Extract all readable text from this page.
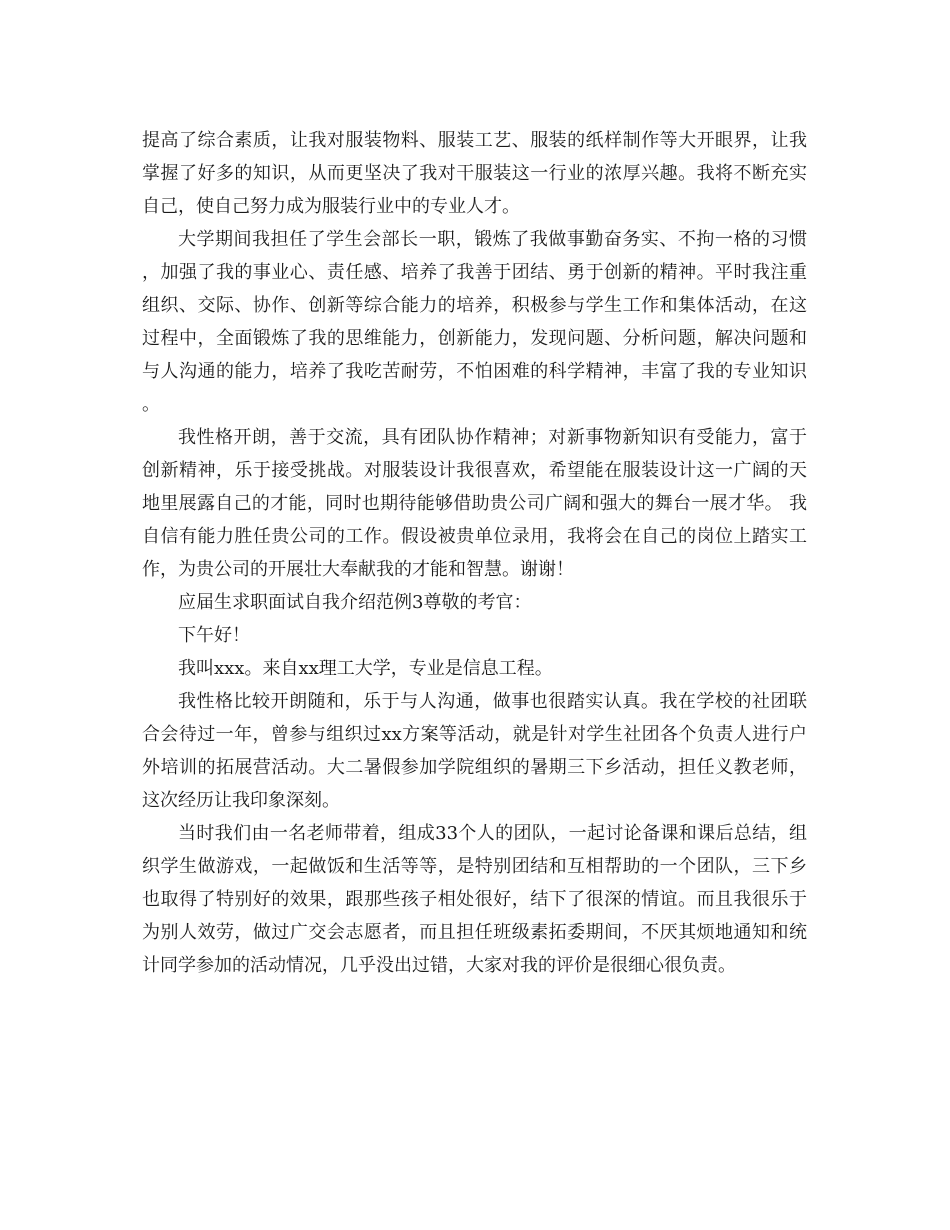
提高了综合素质，让我对服装物料、服装工艺、服装的纸样制作等大开眼界，让我掌握了好多的知识，从而更坚决了我对干服装这一行业的浓厚兴趣。我将不断充实自己，使自己努力成为服装行业中的专业人才。

大学期间我担任了学生会部长一职，锻炼了我做事勤奋务实、不拘一格的习惯，加强了我的事业心、责任感、培养了我善于团结、勇于创新的精神。平时我注重组织、交际、协作、创新等综合能力的培养，积极参与学生工作和集体活动，在这过程中，全面锻炼了我的思维能力，创新能力，发现问题、分析问题，解决问题和与人沟通的能力，培养了我吃苦耐劳，不怕困难的科学精神，丰富了我的专业知识。

我性格开朗，善于交流，具有团队协作精神；对新事物新知识有受能力，富于创新精神，乐于接受挑战。对服装设计我很喜欢，希望能在服装设计这一广阔的天地里展露自己的才能，同时也期待能够借助贵公司广阔和强大的舞台一展才华。 我自信有能力胜任贵公司的工作。假设被贵单位录用，我将会在自己的岗位上踏实工作，为贵公司的开展壮大奉献我的才能和智慧。谢谢！

应届生求职面试自我介绍范例3尊敬的考官：

下午好！

我叫xxx。来自xx理工大学，专业是信息工程。

我性格比较开朗随和，乐于与人沟通，做事也很踏实认真。我在学校的社团联合会待过一年，曾参与组织过xx方案等活动，就是针对学生社团各个负责人进行户外培训的拓展营活动。大二暑假参加学院组织的暑期三下乡活动，担任义教老师，这次经历让我印象深刻。

当时我们由一名老师带着，组成33个人的团队，一起讨论备课和课后总结，组织学生做游戏，一起做饭和生活等等，是特别团结和互相帮助的一个团队，三下乡也取得了特别好的效果，跟那些孩子相处很好，结下了很深的情谊。而且我很乐于为别人效劳，做过广交会志愿者，而且担任班级素拓委期间，不厌其烦地通知和统计同学参加的活动情况，几乎没出过错，大家对我的评价是很细心很负责。
